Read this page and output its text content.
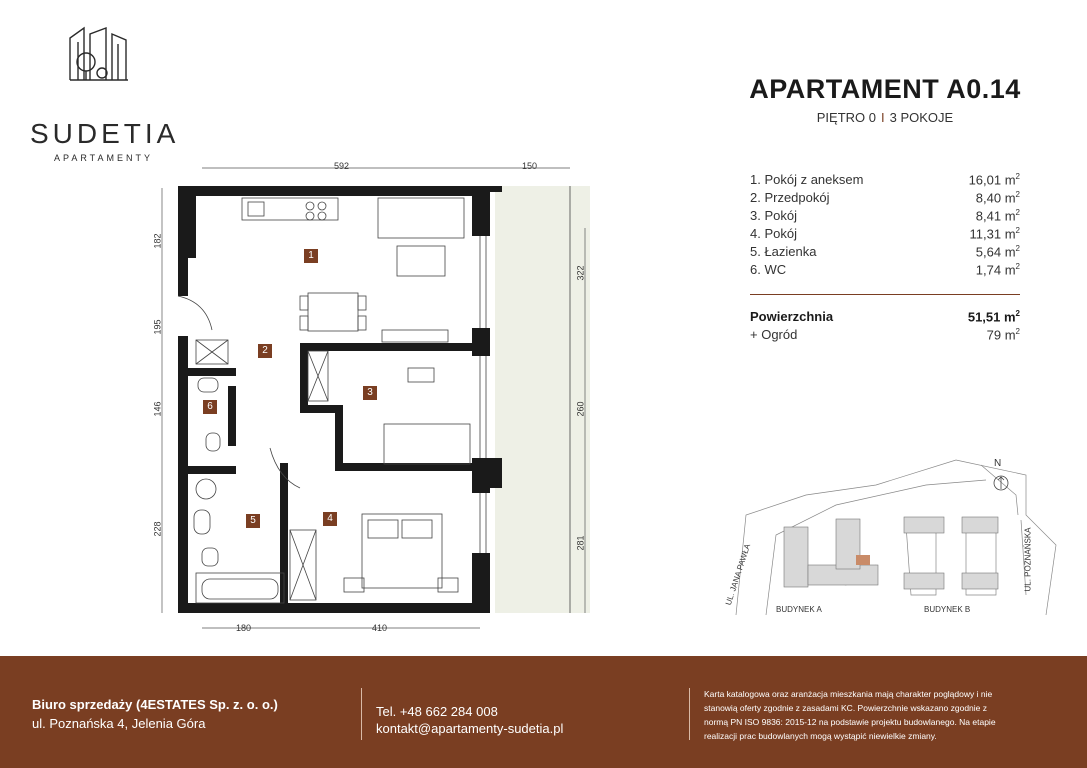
SUDETIA
APARTAMENTY
APARTAMENT A0.14
PIĘTRO 0 I 3 POKOJE
1. Pokój z aneksem	16,01 $m^2$
2. Przedpokój	8,40 $m^2$
3. Pokój	8,41 $m^2$
4. Pokój	11,31 $m^2$
5. Łazienka	5,64 $m^2$
6. WC	1,74 $m^2$
Powierzchnia	51,51 $m^2$
+ Ogród	79 $m^2$
592	150
180	410
182
195
146
228
322
260
281
1
2
3
4
5
6
N
UL. JANA PAWŁA	UL. POZNAŃSKA
BUDYNEK A	BUDYNEK B
Biuro sprzedaży (4ESTATES Sp. z. o. o.)
ul. Poznańska 4, Jelenia Góra
Tel. +48 662 284 008
kontakt@apartamenty-sudetia.pl
Karta katalogowa oraz aranżacja mieszkania mają charakter poglądowy i nie
stanowią oferty zgodnie z zasadami KC. Powierzchnie wskazano zgodnie z
normą PN ISO 9836: 2015-12 na podstawie projektu budowlanego. Na etapie
realizacji prac budowlanych mogą wystąpić niewielkie zmiany.
